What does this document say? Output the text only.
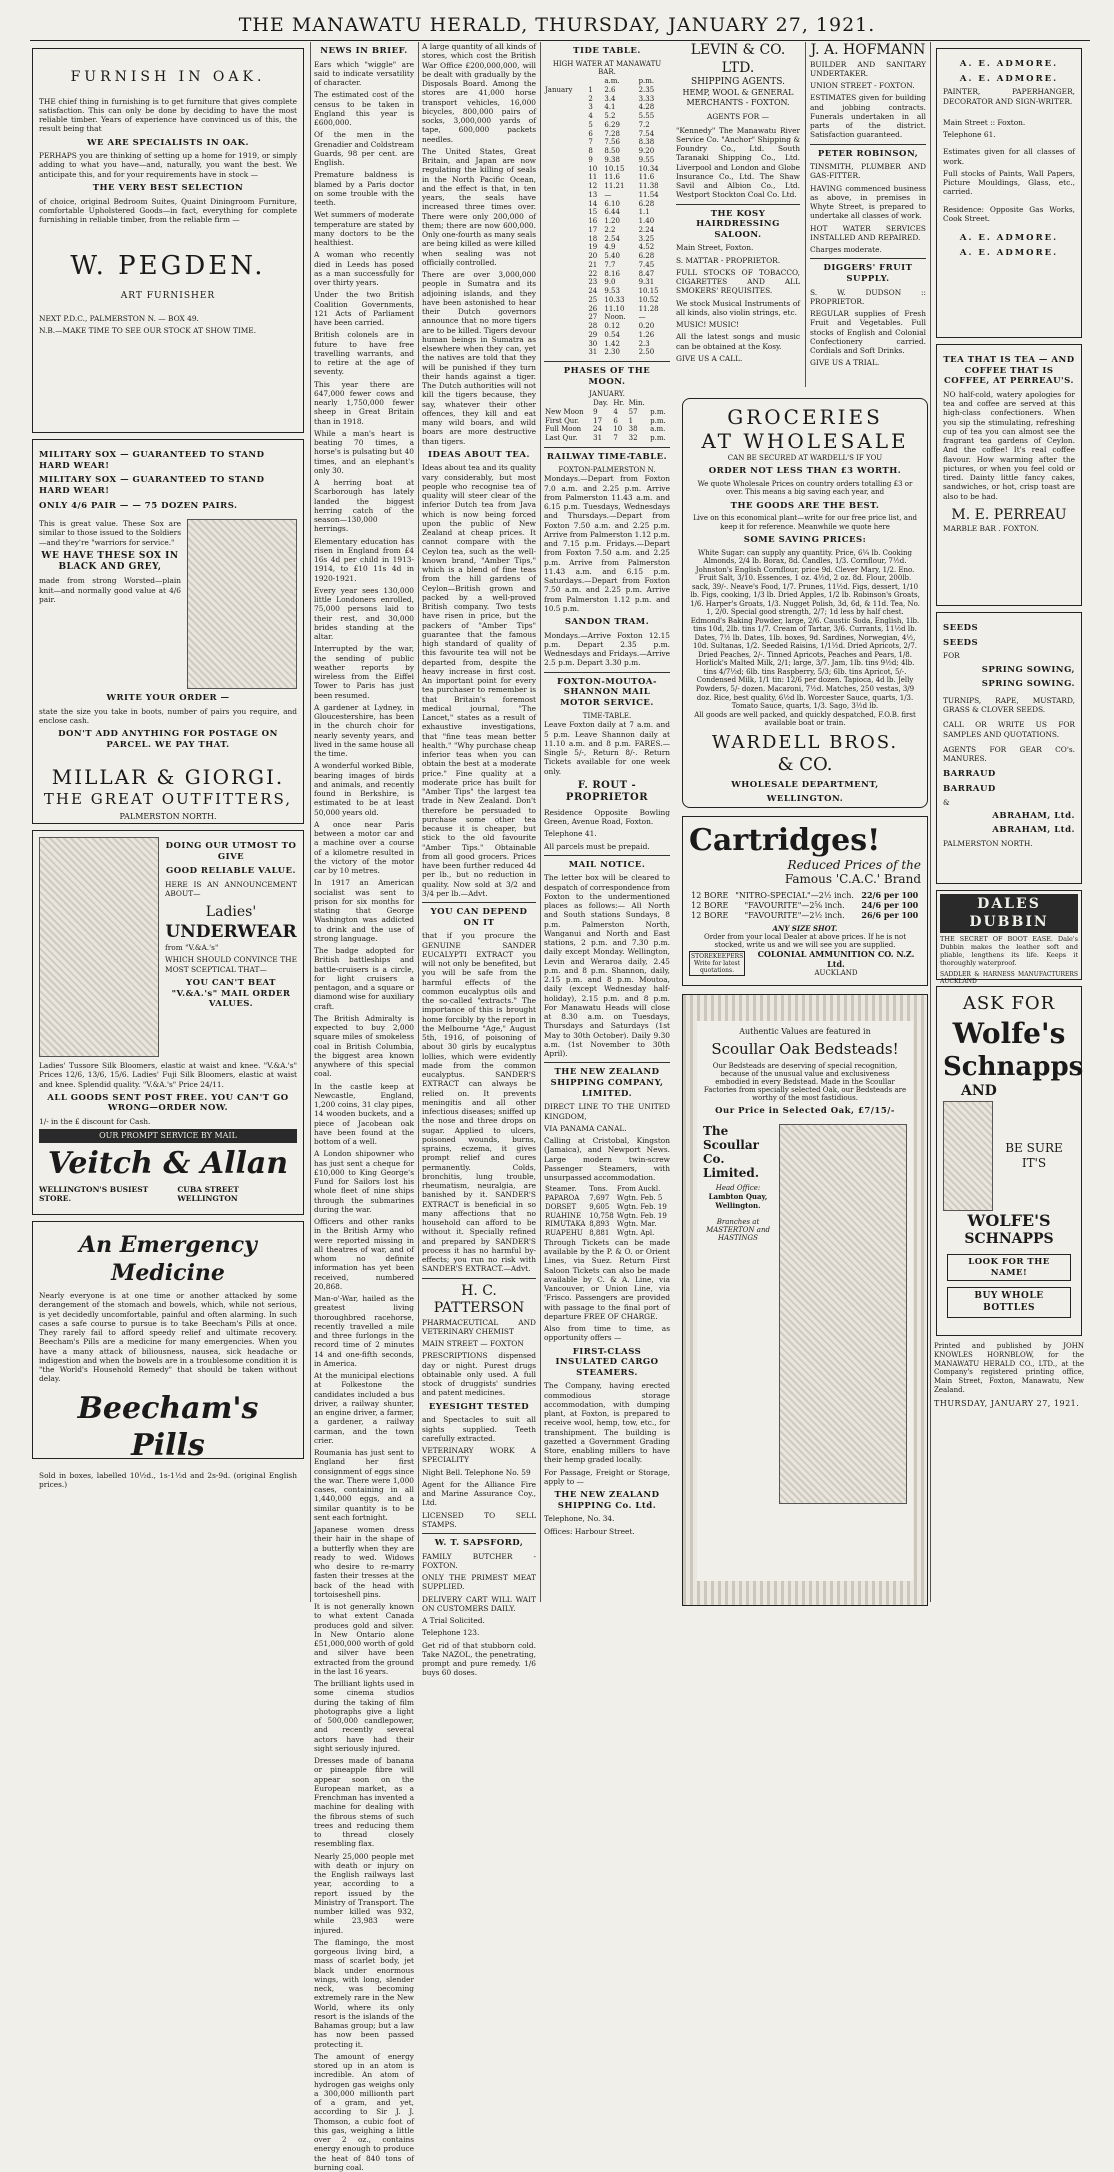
THE MANAWATU HERALD, THURSDAY, JANUARY 27, 1921.
FURNISH IN OAK.

THE chief thing in furnishing is to get furniture that gives complete satisfaction. This can only be done by deciding to have the most reliable timber. Years of experience have convinced us of this, the result being that

WE ARE SPECIALISTS IN OAK.

PERHAPS you are thinking of setting up a home for 1919, or simply adding to what you have—and, naturally, you want the best. We anticipate this, and for your requirements have in stock —

THE VERY BEST SELECTION

of choice, original Bedroom Suites, Quaint Diningroom Furniture, comfortable Upholstered Goods—in fact, everything for complete furnishing in reliable timber, from the reliable firm —

W. PEGDEN.
ART FURNISHER

NEXT P.D.C., PALMERSTON N. — BOX 49.

N.B.—MAKE TIME TO SEE OUR STOCK AT SHOW TIME.

MILITARY SOX — GUARANTEED TO STAND HARD WEAR!
MILITARY SOX — GUARANTEED TO STAND HARD WEAR!
ONLY 4/6 PAIR — — 75 DOZEN PAIRS.

This is great value. These Sox are similar to those issued to the Soldiers—and they're "warriors for service."

WE HAVE THESE SOX IN BLACK AND GREY,

made from strong Worsted—plain knit—and normally good value at 4/6 pair.

WRITE YOUR ORDER —

state the size you take in boots, number of pairs you require, and enclose cash.

DON'T ADD ANYTHING FOR POSTAGE ON PARCEL. WE PAY THAT.
MILLAR & GIORGI.
THE GREAT OUTFITTERS,
PALMERSTON NORTH.
DOING OUR UTMOST TO GIVE
GOOD RELIABLE VALUE.

HERE IS AN ANNOUNCEMENT ABOUT—

Ladies'
UNDERWEAR

from "V.&A.'s"

WHICH SHOULD CONVINCE THE MOST SCEPTICAL THAT—

YOU CAN'T BEAT "V.&A.'s" MAIL ORDER VALUES.

Ladies' Tussore Silk Bloomers, elastic at waist and knee. "V.&A.'s" Prices 12/6, 13/6, 15/6. Ladies' Fuji Silk Bloomers, elastic at waist and knee. Splendid quality. "V.&A.'s" Price 24/11.

ALL GOODS SENT POST FREE. YOU CAN'T GO WRONG—ORDER NOW.

1/- in the £ discount for Cash.

OUR PROMPT SERVICE BY MAIL
Veitch & Allan
WELLINGTON'S BUSIEST STORE.
CUBA STREET WELLINGTON
An Emergency Medicine

Nearly everyone is at one time or another attacked by some derangement of the stomach and bowels, which, while not serious, is yet decidedly uncomfortable, painful and often alarming. In such cases a safe course to pursue is to take Beecham's Pills at once. They rarely fail to afford speedy relief and ultimate recovery. Beecham's Pills are a medicine for many emergencies. When you have a many attack of biliousness, nausea, sick headache or indigestion and when the bowels are in a troublesome condition it is "the World's Household Remedy" that should be taken without delay.

Beecham's Pills

Sold in boxes, labelled 10½d., 1s-1½d and 2s-9d. (original English prices.)

NEWS IN BRIEF.

Ears which "wiggle" are said to indicate versatility of character.

The estimated cost of the census to be taken in England this year is £600,000.

Of the men in the Grenadier and Coldstream Guards, 98 per cent. are English.

Premature baldness is blamed by a Paris doctor on some trouble with the teeth.

Wet summers of moderate temperature are stated by many doctors to be the healthiest.

A woman who recently died in Leeds has posed as a man successfully for over thirty years.

Under the two British Coalition Governments, 121 Acts of Parliament have been carried.

British colonels are in future to have free travelling warrants, and to retire at the age of seventy.

This year there are 647,000 fewer cows and nearly 1,750,000 fewer sheep in Great Britain than in 1918.

While a man's heart is beating 70 times, a horse's is pulsating but 40 times, and an elephant's only 30.

A herring boat at Scarborough has lately landed the biggest herring catch of the season—130,000 herrings.

Elementary education has risen in England from £4 16s 4d per child in 1913-1914, to £10 11s 4d in 1920-1921.

Every year sees 130,000 little Londoners enrolled, 75,000 persons laid to their rest, and 30,000 brides standing at the altar.

Interrupted by the war, the sending of public weather reports by wireless from the Eiffel Tower to Paris has just been resumed.

A gardener at Lydney, in Gloucestershire, has been in the church choir for nearly seventy years, and lived in the same house all the time.

A wonderful worked Bible, bearing images of birds and animals, and recently found in Berkshire, is estimated to be at least 50,000 years old.

A once near Paris between a motor car and a machine over a course of a kilometre resulted in the victory of the motor car by 10 metres.

In 1917 an American socialist was sent to prison for six months for stating that George Washington was addicted to drink and the use of strong language.

The badge adopted for British battleships and battle-cruisers is a circle, for light cruisers a pentagon, and a square or diamond wise for auxiliary craft.

The British Admiralty is expected to buy 2,000 square miles of smokeless coal in British Columbia, the biggest area known anywhere of this special coal.

In the castle keep at Newcastle, England, 1,200 coins, 31 clay pipes, 14 wooden buckets, and a piece of Jacobean oak have been found at the bottom of a well.

A London shipowner who has just sent a cheque for £10,000 to King George's Fund for Sailors lost his whole fleet of nine ships through the submarines during the war.

Officers and other ranks in the British Army who were reported missing in all theatres of war, and of whom no definite information has yet been received, numbered 20,868.

Man-o'-War, hailed as the greatest living thoroughbred racehorse, recently travelled a mile and three furlongs in the record time of 2 minutes 14 and one-fifth seconds, in America.

At the municipal elections at Folkestone the candidates included a bus driver, a railway shunter, an engine driver, a farmer, a gardener, a railway carman, and the town crier.

Roumania has just sent to England her first consignment of eggs since the war. There were 1,000 cases, containing in all 1,440,000 eggs, and a similar quantity is to be sent each fortnight.

Japanese women dress their hair in the shape of a butterfly when they are ready to wed. Widows who desire to re-marry fasten their tresses at the back of the head with tortoiseshell pins.

It is not generally known to what extent Canada produces gold and silver. In New Ontario alone £51,000,000 worth of gold and silver have been extracted from the ground in the last 16 years.

The brilliant lights used in some cinema studios during the taking of film photographs give a light of 500,000 candlepower, and recently several actors have had their sight seriously injured.

Dresses made of banana or pineapple fibre will appear soon on the European market, as a Frenchman has invented a machine for dealing with the fibrous stems of such trees and reducing them to thread closely resembling flax.

Nearly 25,000 people met with death or injury on the English railways last year, according to a report issued by the Ministry of Transport. The number killed was 932, while 23,983 were injured.

The flamingo, the most gorgeous living bird, a mass of scarlet body, jet black under enormous wings, with long, slender neck, was becoming extremely rare in the New World, where its only resort is the islands of the Bahamas group; but a law has now been passed protecting it.

The amount of energy stored up in an atom is incredible. An atom of hydrogen gas weighs only a 300,000 millionth part of a gram, and yet, according to Sir J. J. Thomson, a cubic foot of this gas, weighing a little over 2 oz., contains energy enough to produce the heat of 840 tons of burning coal.

A large quantity of all kinds of stores, which cost the British War Office £200,000,000, will be dealt with gradually by the Disposals Board. Among the stores are 41,000 horse transport vehicles, 16,000 bicycles, 800,000 pairs of socks, 3,000,000 yards of tape, 600,000 packets needles.

The United States, Great Britain, and Japan are now regulating the killing of seals in the North Pacific Ocean, and the effect is that, in ten years, the seals have increased three times over. There were only 200,000 of them; there are now 600,000. Only one-fourth as many seals are being killed as were killed when sealing was not officially controlled.

There are over 3,000,000 people in Sumatra and its adjoining islands, and they have been astonished to hear their Dutch governors announce that no more tigers are to be killed. Tigers devour human beings in Sumatra as elsewhere when they can, yet the natives are told that they will be punished if they turn their hands against a tiger. The Dutch authorities will not kill the tigers because, they say, whatever their other offences, they kill and eat many wild boars, and wild boars are more destructive than tigers.

IDEAS ABOUT TEA.

Ideas about tea and its quality vary considerably, but most people who recognise tea of quality will steer clear of the inferior Dutch tea from Java which is now being forced upon the public of New Zealand at cheap prices. It cannot compare with the Ceylon tea, such as the well-known brand, "Amber Tips," which is a blend of fine teas from the hill gardens of Ceylon—British grown and packed by a well-proved British company. Two tests have risen in price, but the packers of "Amber Tips" guarantee that the famous high standard of quality of this favourite tea will not be departed from, despite the heavy increase in first cost. An important point for every tea purchaser to remember is that Britain's foremost medical journal, "The Lancet," states as a result of exhaustive investigations, that "fine teas mean better health." "Why purchase cheap inferior teas when you can obtain the best at a moderate price." Fine quality at a moderate price has built for "Amber Tips" the largest tea trade in New Zealand. Don't therefore be persuaded to purchase some other tea because it is cheaper, but stick to the old favourite "Amber Tips." Obtainable from all good grocers. Prices have been further reduced 4d per lb., but no reduction in quality. Now sold at 3/2 and 3/4 per lb.—Advt.

YOU CAN DEPEND ON IT

that if you procure the GENUINE SANDER EUCALYPTI EXTRACT you will not only be benefited, but you will be safe from the harmful effects of the common eucalyptus oils and the so-called "extracts." The importance of this is brought home forcibly by the report in the Melbourne "Age," August 5th, 1916, of poisoning of about 30 girls by eucalyptus lollies, which were evidently made from the common eucalyptus. SANDER'S EXTRACT can always be relied on. It prevents meningitis and all other infectious diseases; sniffed up the nose and three drops on sugar. Applied to ulcers, poisoned wounds, burns, sprains, eczema, it gives prompt relief and cures permanently. Colds, bronchitis, lung trouble, rheumatism, neuralgia, are banished by it. SANDER'S EXTRACT is beneficial in so many affections that no household can afford to be without it. Specially refined and prepared by SANDER'S process it has no harmful by-effects; you run no risk with SANDER'S EXTRACT.—Advt.

H. C. PATTERSON

PHARMACEUTICAL AND VETERINARY CHEMIST

MAIN STREET — FOXTON

PRESCRIPTIONS dispensed day or night. Purest drugs obtainable only used. A full stock of druggists' sundries and patent medicines.

EYESIGHT TESTED

and Spectacles to suit all sights supplied. Teeth carefully extracted.

VETERINARY WORK A SPECIALITY

Night Bell. Telephone No. 59

Agent for the Alliance Fire and Marine Assurance Coy., Ltd.

LICENSED TO SELL STAMPS.

W. T. SAPSFORD,

FAMILY BUTCHER - FOXTON.

ONLY THE PRIMEST MEAT SUPPLIED.

DELIVERY CART WILL WAIT ON CUSTOMERS DAILY.

A Trial Solicited.

Telephone 123.

Get rid of that stubborn cold. Take NAZOL, the penetrating, prompt and pure remedy. 1/6 buys 60 doses.

TIDE TABLE.
HIGH WATER AT MANAWATU BAR.
		a.m.	p.m.
January	1	2.6	2.35
	2	3.4	3.33
	3	4.1	4.28
	4	5.2	5.55
	5	6.29	7.2
	6	7.28	7.54
	7	7.56	8.38
	8	8.50	9.20
	9	9.38	9.55
	10	10.15	10.34
	11	11.6	11.6
	12	11.21	11.38
	13	—	11.54
	14	6.10	6.28
	15	6.44	1.1
	16	1.20	1.40
	17	2.2	2.24
	18	2.54	3.25
	19	4.9	4.52
	20	5.40	6.28
	21	7.7	7.45
	22	8.16	8.47
	23	9.0	9.31
	24	9.53	10.15
	25	10.33	10.52
	26	11.10	11.28
	27	Noon.	—
	28	0.12	0.20
	29	0.54	1.26
	30	1.42	2.3
	31	2.30	2.50
PHASES OF THE MOON.
JANUARY.
	Day.	Hr.	Min.	
New Moon	9	4	57	p.m.
First Qur.	17	6	1	p.m.
Full Moon	24	10	38	a.m.
Last Qur.	31	7	32	p.m.
RAILWAY TIME-TABLE.
FOXTON-PALMERSTON N.

Mondays.—Depart from Foxton 7.0 a.m. and 2.25 p.m. Arrive from Palmerston 11.43 a.m. and 6.15 p.m. Tuesdays, Wednesdays and Thursdays.—Depart from Foxton 7.50 a.m. and 2.25 p.m. Arrive from Palmerston 1.12 p.m. and 7.15 p.m. Fridays.—Depart from Foxton 7.50 a.m. and 2.25 p.m. Arrive from Palmerston 11.43 a.m. and 6.15 p.m. Saturdays.—Depart from Foxton 7.50 a.m. and 2.25 p.m. Arrive from Palmerston 1.12 p.m. and 10.5 p.m.

SANDON TRAM.

Mondays.—Arrive Foxton 12.15 p.m. Depart 2.35 p.m. Wednesdays and Fridays.—Arrive 2.5 p.m. Depart 3.30 p.m.

FOXTON-MOUTOA-SHANNON MAIL MOTOR SERVICE.
TIME-TABLE.

Leave Foxton daily at 7 a.m. and 5 p.m. Leave Shannon daily at 11.10 a.m. and 8 p.m. FARES.—Single 5/-, Return 8/-. Return Tickets available for one week only.

F. ROUT - PROPRIETOR

Residence Opposite Bowling Green, Avenue Road, Foxton.

Telephone 41.

All parcels must be prepaid.

MAIL NOTICE.

The letter box will be cleared to despatch of correspondence from Foxton to the undermentioned places as follows:— All North and South stations Sundays, 8 p.m. Palmerston North, Wanganui and North and East stations, 2 p.m. and 7.30 p.m. daily except Monday. Wellington, Levin and Weraroa daily, 2.45 p.m. and 8 p.m. Shannon, daily, 2.15 p.m. and 8 p.m. Moutoa, daily (except Wednesday half-holiday), 2.15 p.m. and 8 p.m. For Manawatu Heads will close at 8.30 a.m. on Tuesdays, Thursdays and Saturdays (1st May to 30th October). Daily 9.30 a.m. (1st November to 30th April).

THE NEW ZEALAND SHIPPING COMPANY, LIMITED.

DIRECT LINE TO THE UNITED KINGDOM,

VIA PANAMA CANAL.

Calling at Cristobal, Kingston (Jamaica), and Newport News. Large modern twin-screw Passenger Steamers, with unsurpassed accommodation.

Steamer.	Tons.	From Auckl.
PAPAROA	7,697	Wgtn. Feb. 5
DORSET	9,605	Wgtn. Feb. 19
RUAHINE	10,758	Wgtn. Feb. 19
RIMUTAKA	8,893	Wgtn. Mar.
RUAPEHU	8,881	Wgtn. Apl.

Through Tickets can be made available by the P. & O. or Orient Lines, via Suez. Return First Saloon Tickets can also be made available by C. & A. Line, via Vancouver, or Union Line, via 'Frisco. Passengers are provided with passage to the final port of departure FREE OF CHARGE.

Also from time to time, as opportunity offers —

FIRST-CLASS INSULATED CARGO STEAMERS.

The Company, having erected commodious storage accommodation, with dumping plant, at Foxton, is prepared to receive wool, hemp, tow, etc., for transhipment. The building is gazetted a Government Grading Store, enabling millers to have their hemp graded locally.

For Passage, Freight or Storage, apply to —

THE NEW ZEALAND SHIPPING Co. Ltd.

Telephone, No. 34.

Offices: Harbour Street.

LEVIN & CO. LTD.
SHIPPING AGENTS.
HEMP, WOOL & GENERAL MERCHANTS - FOXTON.
AGENTS FOR —

"Kennedy" The Manawatu River Service Co. "Anchor" Shipping & Foundry Co., Ltd. South Taranaki Shipping Co., Ltd. Liverpool and London and Globe Insurance Co., Ltd. The Shaw Savil and Albion Co., Ltd. Westport Stockton Coal Co. Ltd.

THE KOSY HAIRDRESSING SALOON.

Main Street, Foxton.

S. MATTAR - PROPRIETOR.

FULL STOCKS OF TOBACCO, CIGARETTES AND ALL SMOKERS' REQUISITES.

We stock Musical Instruments of all kinds, also violin strings, etc.

MUSIC! MUSIC!

All the latest songs and music can be obtained at the Kosy.

GIVE US A CALL.

J. A. HOFMANN

BUILDER AND SANITARY UNDERTAKER.

UNION STREET - FOXTON.

ESTIMATES given for building and jobbing contracts. Funerals undertaken in all parts of the district. Satisfaction guaranteed.

PETER ROBINSON,

TINSMITH, PLUMBER AND GAS-FITTER.

HAVING commenced business as above, in premises in Whyte Street, is prepared to undertake all classes of work.

HOT WATER SERVICES INSTALLED AND REPAIRED.

Charges moderate.

DIGGERS' FRUIT SUPPLY.

S. W. DUDSON :: PROPRIETOR.

REGULAR supplies of Fresh Fruit and Vegetables. Full stocks of English and Colonial Confectionery carried. Cordials and Soft Drinks.

GIVE US A TRIAL.

GROCERIES
AT WHOLESALE
CAN BE SECURED AT WARDELL'S IF YOU
ORDER NOT LESS THAN £3 WORTH.

We quote Wholesale Prices on country orders totalling £3 or over. This means a big saving each year, and

THE GOODS ARE THE BEST.

Live on this economical plant—write for our free price list, and keep it for reference. Meanwhile we quote here

SOME SAVING PRICES:

White Sugar: can supply any quantity. Price, 6¼ lb. Cooking Almonds, 2/4 lb. Borax, 8d. Candles, 1/3. Cornflour, 7½d. Johnston's English Cornflour, price 9d. Clever Mary, 1/2. Eno. Fruit Salt, 3/10. Essences, 1 oz. 4½d, 2 oz. 8d. Flour, 200lb. sack, 39/-. Neave's Food, 1/7. Prunes, 11½d. Figs, dessert, 1/10 lb. Figs, cooking, 1/3 lb. Dried Apples, 1/2 lb. Robinson's Groats, 1/6. Harper's Groats, 1/3. Nugget Polish, 3d, 6d, & 11d. Tea, No. 1, 2/0. Special good strength, 2/7; 1d less by half chest. Edmond's Baking Powder, large, 2/6. Caustic Soda, English, 1lb. tins 10d, 2lb. tins 1/7. Cream of Tartar, 3/6. Currants, 11½d lb. Dates, 7½ lb. Dates, 1lb. boxes, 9d. Sardines, Norwegian, 4½, 10d. Sultanas, 1/2. Seeded Raisins, 1/1½d. Dried Apricots, 2/7. Dried Peaches, 2/-. Tinned Apricots, Peaches and Pears, 1/8. Horlick's Malted Milk, 2/1; large, 3/7. Jam, 1lb. tins 9½d; 4lb. tins 4/7½d; 6lb. tins Raspberry, 5/3; 6lb. tins Apricot, 5/-. Condensed Milk, 1/1 tin: 12/6 per dozen. Tapioca, 4d lb. Jelly Powders, 5/- dozen. Macaroni, 7½d. Matches, 250 vestas, 3/9 doz. Rice, best quality, 6½d lb. Worcester Sauce, quarts, 1/3. Tomato Sauce, quarts, 1/3. Sago, 3½d lb.

All goods are well packed, and quickly despatched, F.O.B. first available boat or train.

WARDELL BROS.
& CO.
WHOLESALE DEPARTMENT,
WELLINGTON.
Cartridges!
Reduced Prices of the
Famous 'C.A.C.' Brand
12 BORE	"NITRO-SPECIAL"—2½ inch.	22/6 per 100
12 BORE	"FAVOURITE"—2⅝ inch.	24/6 per 100
12 BORE	"FAVOURITE"—2½ inch.	26/6 per 100
ANY SIZE SHOT.

Order from your local Dealer at above prices. If he is not stocked, write us and we will see you are supplied.

STOREKEEPERS! Write for latest quotations.
COLONIAL AMMUNITION CO. N.Z. Ltd.
AUCKLAND

Authentic Values are featured in

Scoullar Oak Bedsteads!

Our Bedsteads are deserving of special recognition, because of the unusual value and exclusiveness embodied in every Bedstead. Made in the Scoullar Factories from specially selected Oak, our Bedsteads are worthy of the most fastidious.

Our Price in Selected Oak, £7/15/-
The Scoullar Co. Limited.

Head Office:

Lambton Quay, Wellington.

Branches at MASTERTON and HASTINGS

A. E. ADMORE.
A. E. ADMORE.

PAINTER, PAPERHANGER, DECORATOR AND SIGN-WRITER.

Main Street :: Foxton.

Telephone 61.

Estimates given for all classes of work.

Full stocks of Paints, Wall Papers, Picture Mouldings, Glass, etc., carried.

Residence: Opposite Gas Works, Cook Street.

A. E. ADMORE.
A. E. ADMORE.
TEA THAT IS TEA — AND COFFEE THAT IS COFFEE, AT PERREAU'S.

NO half-cold, watery apologies for tea and coffee are served at this high-class confectioners. When you sip the stimulating, refreshing cup of tea you can almost see the fragrant tea gardens of Ceylon. And the coffee! It's real coffee flavour. How warming after the pictures, or when you feel cold or tired. Dainty little fancy cakes, sandwiches, or hot, crisp toast are also to be had.

M. E. PERREAU

MARBLE BAR . FOXTON.

SEEDS
SEEDS

FOR

SPRING SOWING,
SPRING SOWING.

TURNIPS, RAPE, MUSTARD, GRASS & CLOVER SEEDS.

CALL OR WRITE US FOR SAMPLES AND QUOTATIONS.

AGENTS FOR GEAR CO's. MANURES.

BARRAUD
BARRAUD

&

ABRAHAM, Ltd.
ABRAHAM, Ltd.

PALMERSTON NORTH.

DALES DUBBIN

THE SECRET OF BOOT EASE. Dale's Dubbin makes the leather soft and pliable, lengthens its life. Keeps it thoroughly waterproof.

SADDLER & HARNESS MANUFACTURERS AUCKLAND

ASK FOR
Wolfe's
Schnapps
AND
BE SURE
IT'S
WOLFE'S
SCHNAPPS
LOOK FOR THE NAME!
BUY WHOLE BOTTLES

Printed and published by JOHN KNOWLES HORNBLOW, for the MANAWATU HERALD CO., LTD., at the Company's registered printing office, Main Street, Foxton, Manawatu, New Zealand.

THURSDAY, JANUARY 27, 1921.
